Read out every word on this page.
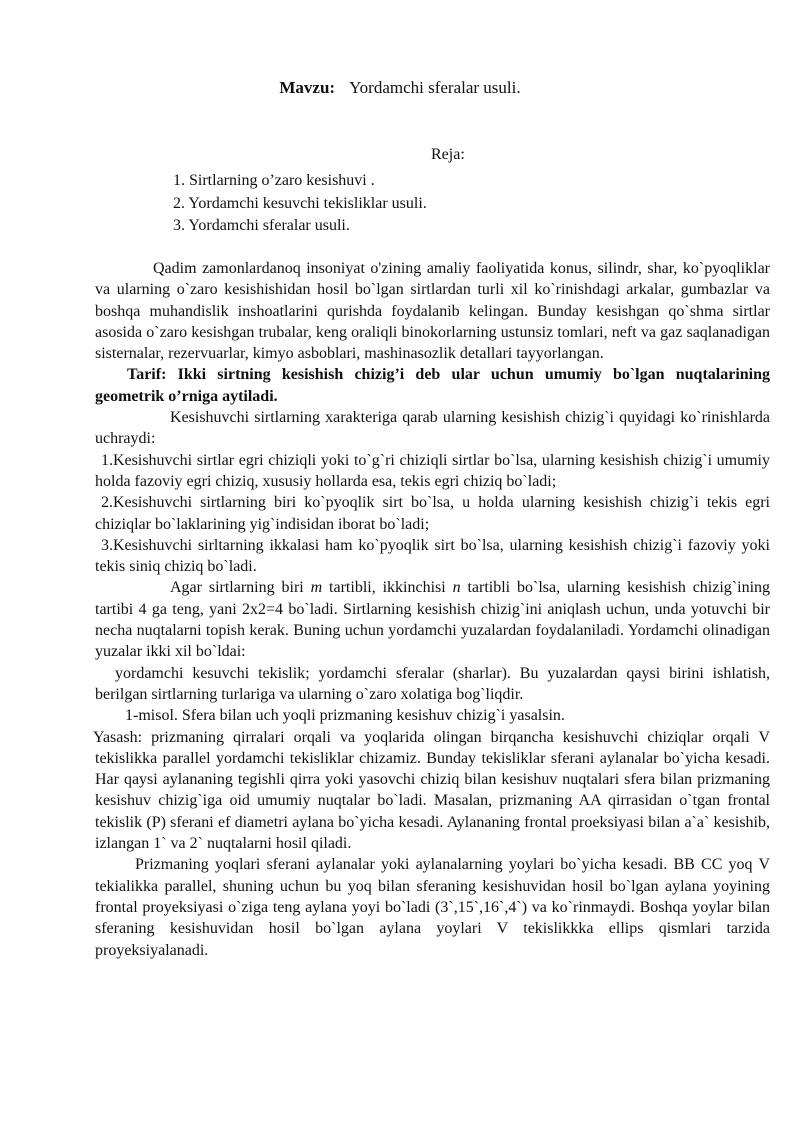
Mavzu: Yordamchi sferalar usuli.
Reja:
1. Sirtlarning o’zaro kesishuvi .
2. Yordamchi kesuvchi tekisliklar usuli.
3. Yordamchi sferalar usuli.

Qadim zamonlardanoq insoniyat o'zining amaliy faoliyatida konus, silindr, shar, ko`pyoqliklar va ularning o`zaro kesishishidan hosil bo`lgan sirtlardan turli xil ko`rinishdagi arkalar, gumbazlar va boshqa muhandislik inshoatlarini qurishda foydalanib kelingan. Bunday kesishgan qo`shma sirtlar asosida o`zaro kesishgan trubalar, keng oraliqli binokorlarning ustunsiz tomlari, neft va gaz saqlanadigan sisternalar, rezervuarlar, kimyo asboblari, mashinasozlik detallari tayyorlangan.

Tarif: Ikki sirtning kesishish chizig’i deb ular uchun umumiy bo`lgan nuqtalarining geometrik o’rniga aytiladi.

Kesishuvchi sirtlarning xarakteriga qarab ularning kesishish chizig`i quyidagi ko`rinishlarda uchraydi:

1.Kesishuvchi sirtlar egri chiziqli yoki to`g`ri chiziqli sirtlar bo`lsa, ularning kesishish chizig`i umumiy holda fazoviy egri chiziq, xususiy hollarda esa, tekis egri chiziq bo`ladi;

2.Kesishuvchi sirtlarning biri ko`pyoqlik sirt bo`lsa, u holda ularning kesishish chizig`i tekis egri chiziqlar bo`laklarining yig`indisidan iborat bo`ladi;

3.Kesishuvchi sirltarning ikkalasi ham ko`pyoqlik sirt bo`lsa, ularning kesishish chizig`i fazoviy yoki tekis siniq chiziq bo`ladi.

Agar sirtlarning biri m tartibli, ikkinchisi n tartibli bo`lsa, ularning kesishish chizig`ining tartibi 4 ga teng, yani 2x2=4 bo`ladi. Sirtlarning kesishish chizig`ini aniqlash uchun, unda yotuvchi bir necha nuqtalarni topish kerak. Buning uchun yordamchi yuzalardan foydalaniladi. Yordamchi olinadigan yuzalar ikki xil bo`ldai:

yordamchi kesuvchi tekislik; yordamchi sferalar (sharlar). Bu yuzalardan qaysi birini ishlatish, berilgan sirtlarning turlariga va ularning o`zaro xolatiga bog`liqdir.

1-misol. Sfera bilan uch yoqli prizmaning kesishuv chizig`i yasalsin.

Yasash: prizmaning qirralari orqali va yoqlarida olingan birqancha kesishuvchi chiziqlar orqali V tekislikka parallel yordamchi tekisliklar chizamiz. Bunday tekisliklar sferani aylanalar bo`yicha kesadi. Har qaysi aylananing tegishli qirra yoki yasovchi chiziq bilan kesishuv nuqtalari sfera bilan prizmaning kesishuv chizig`iga oid umumiy nuqtalar bo`ladi. Masalan, prizmaning AA qirrasidan o`tgan frontal tekislik (P) sferani ef diametri aylana bo`yicha kesadi. Aylananing frontal proeksiyasi bilan a`a` kesishib, izlangan 1` va 2` nuqtalarni hosil qiladi.

Prizmaning yoqlari sferani aylanalar yoki aylanalarning yoylari bo`yicha kesadi. BB CC yoq V tekialikka parallel, shuning uchun bu yoq bilan sferaning kesishuvidan hosil bo`lgan aylana yoyining frontal proyeksiyasi o`ziga teng aylana yoyi bo`ladi (3`,15`,16`,4`) va ko`rinmaydi. Boshqa yoylar bilan sferaning kesishuvidan hosil bo`lgan aylana yoylari V tekislikkka ellips qismlari tarzida proyeksiyalanadi.
